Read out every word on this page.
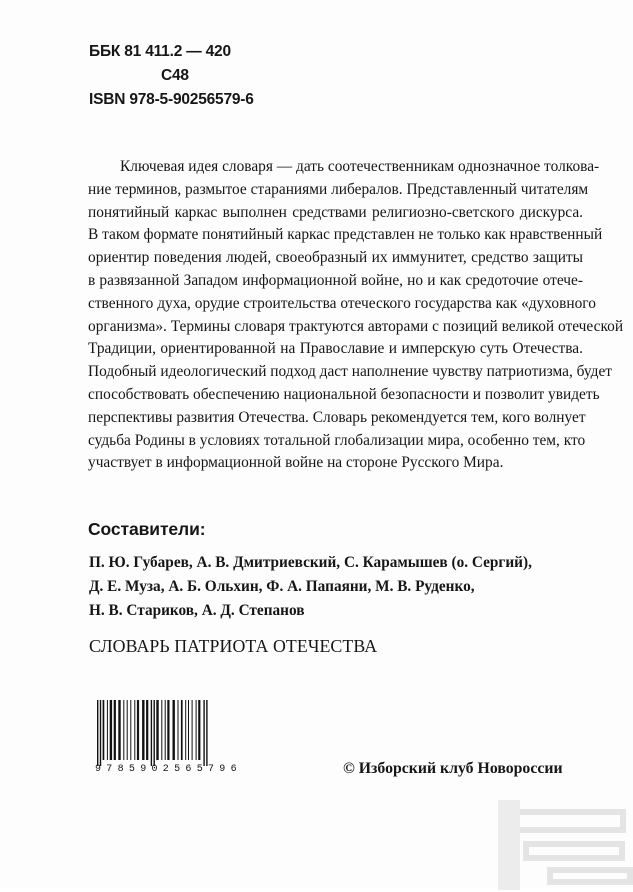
ББК 81 411.2 — 420
С48
ISBN 978-5-90256579-6
Ключевая идея словаря — дать соотечественникам однозначное толкова-
ние терминов, размытое стараниями либералов. Представленный читателям
понятийный каркас выполнен средствами религиозно-светского дискурса.
В таком формате понятийный каркас представлен не только как нравственный
ориентир поведения людей, своеобразный их иммунитет, средство защиты
в развязанной Западом информационной войне, но и как средоточие отече-
ственного духа, орудие строительства отеческого государства как «духовного
организма». Термины словаря трактуются авторами с позиций великой отеческой
Традиции, ориентированной на Православие и имперскую суть Отечества.
Подобный идеологический подход даст наполнение чувству патриотизма, будет
способствовать обеспечению национальной безопасности и позволит увидеть
перспективы развития Отечества. Словарь рекомендуется тем, кого волнует
судьба Родины в условиях тотальной глобализации мира, особенно тем, кто
участвует в информационной войне на стороне Русского Мира.
Составители:
П. Ю. Губарев, А. В. Дмитриевский, С. Карамышев (о. Сергий),
Д. Е. Муза, А. Б. Ольхин, Ф. А. Папаяни, М. В. Руденко,
Н. В. Стариков, А. Д. Степанов
СЛОВАРЬ ПАТРИОТА ОТЕЧЕСТВА
9785902565796	© Изборский клуб Новороссии
